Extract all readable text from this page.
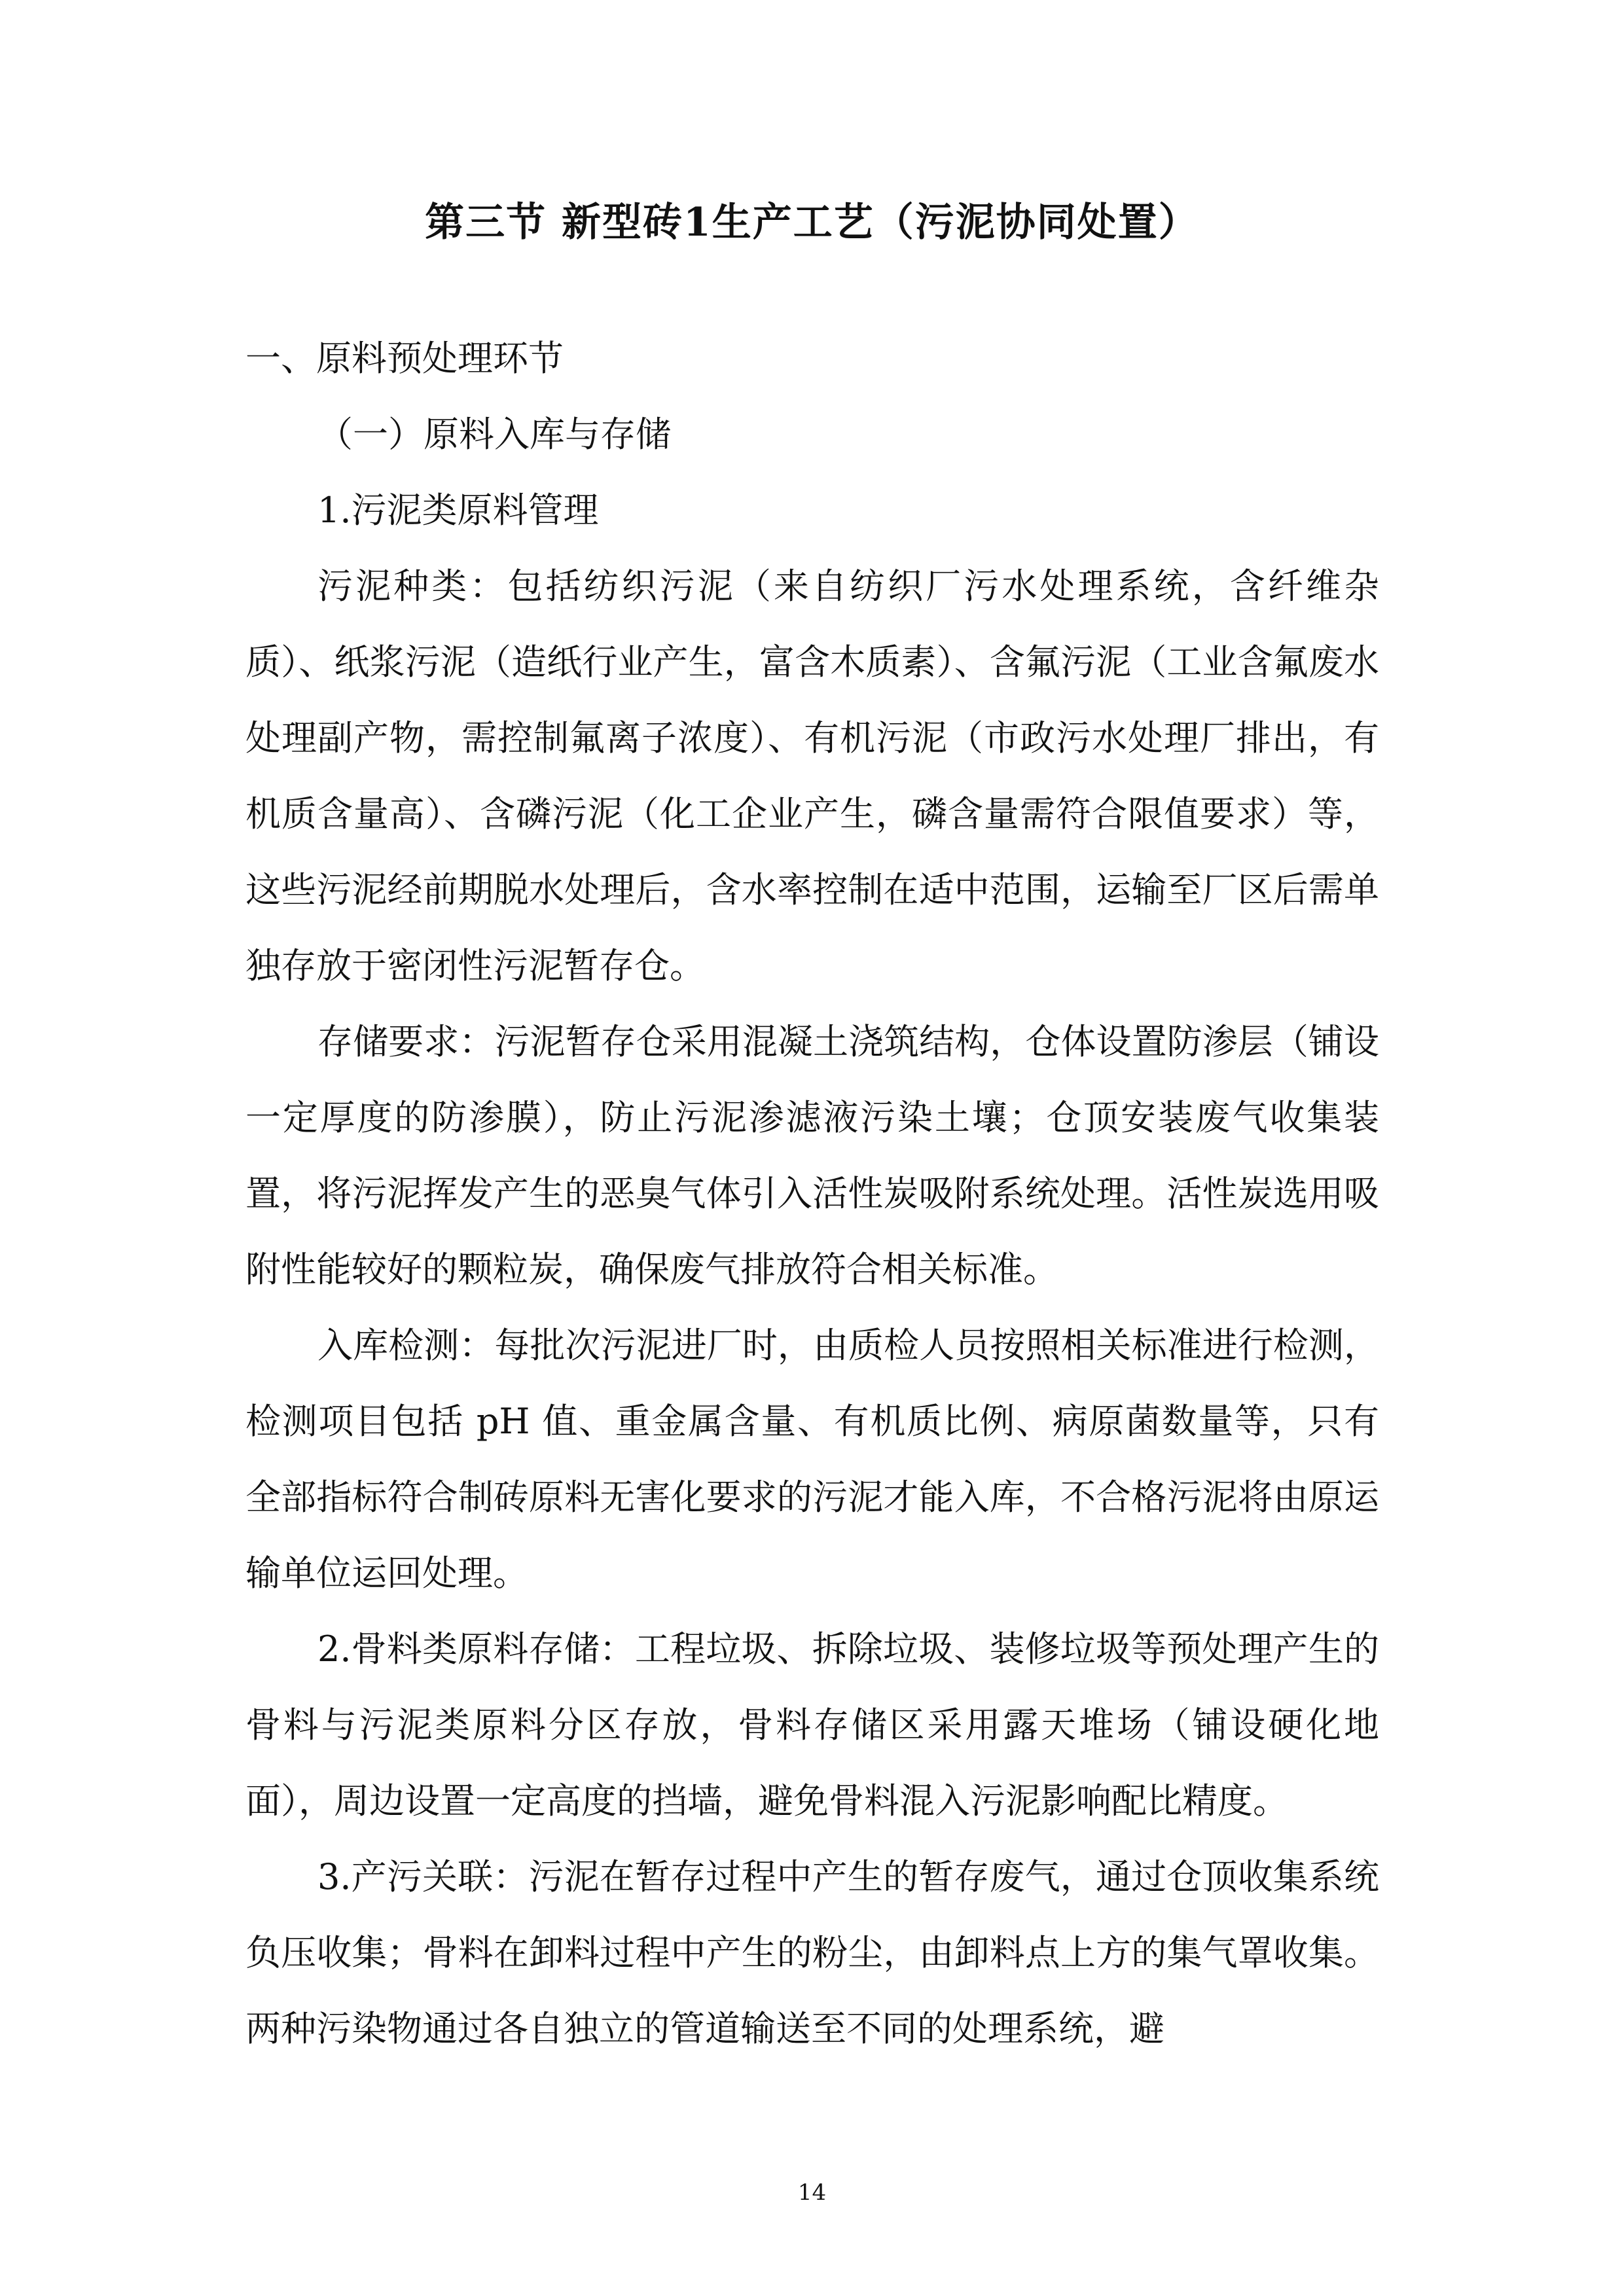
第三节 新型砖1生产工艺（污泥协同处置）

一、原料预处理环节

（一）原料入库与存储

1.污泥类原料管理

污泥种类：包括纺织污泥（来自纺织厂污水处理系统，含纤维杂质）、纸浆污泥（造纸行业产生，富含木质素）、含氟污泥（工业含氟废水处理副产物，需控制氟离子浓度）、有机污泥（市政污水处理厂排出，有机质含量高）、含磷污泥（化工企业产生，磷含量需符合限值要求）等，这些污泥经前期脱水处理后，含水率控制在适中范围，运输至厂区后需单独存放于密闭性污泥暂存仓。

存储要求：污泥暂存仓采用混凝土浇筑结构，仓体设置防渗层（铺设一定厚度的防渗膜），防止污泥渗滤液污染土壤；仓顶安装废气收集装置，将污泥挥发产生的恶臭气体引入活性炭吸附系统处理。活性炭选用吸附性能较好的颗粒炭，确保废气排放符合相关标准。

入库检测：每批次污泥进厂时，由质检人员按照相关标准进行检测，检测项目包括 pH 值、重金属含量、有机质比例、病原菌数量等，只有全部指标符合制砖原料无害化要求的污泥才能入库，不合格污泥将由原运输单位运回处理。

2.骨料类原料存储：工程垃圾、拆除垃圾、装修垃圾等预处理产生的骨料与污泥类原料分区存放，骨料存储区采用露天堆场（铺设硬化地面），周边设置一定高度的挡墙，避免骨料混入污泥影响配比精度。

3.产污关联：污泥在暂存过程中产生的暂存废气，通过仓顶收集系统负压收集；骨料在卸料过程中产生的粉尘，由卸料点上方的集气罩收集。两种污染物通过各自独立的管道输送至不同的处理系统，避

14
